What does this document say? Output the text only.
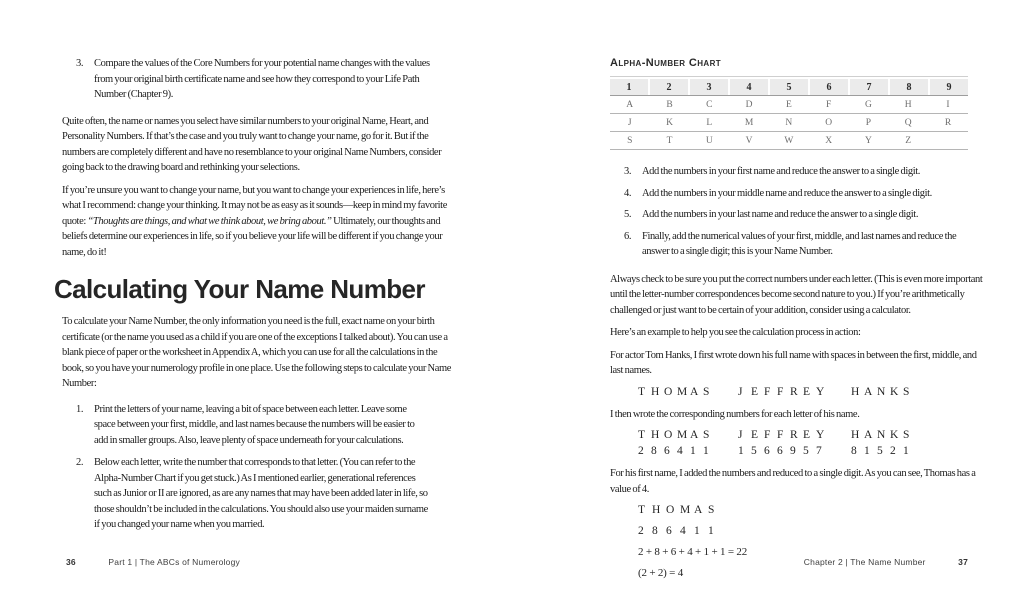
3.	Compare the values of the Core Numbers for your potential name changes with the values from your original birth certificate name and see how they correspond to your Life Path Number (Chapter 9).

Quite often, the name or names you select have similar numbers to your original Name, Heart, and Personality Numbers. If that’s the case and you truly want to change your name, go for it. But if the numbers are completely different and have no resemblance to your original Name Numbers, consider going back to the drawing board and rethinking your selections.

If you’re unsure you want to change your name, but you want to change your experiences in life, here’s what I recommend: change your thinking. It may not be as easy as it sounds—keep in mind my favorite quote: “Thoughts are things, and what we think about, we bring about.” Ultimately, our thoughts and beliefs determine our experiences in life, so if you believe your life will be different if you change your name, do it!

Calculating Your Name Number

To calculate your Name Number, the only information you need is the full, exact name on your birth certificate (or the name you used as a child if you are one of the exceptions I talked about). You can use a blank piece of paper or the worksheet in Appendix A, which you can use for all the calculations in the book, so you have your numerology profile in one place. Use the following steps to calculate your Name Number:

1.	Print the letters of your name, leaving a bit of space between each letter. Leave some space between your first, middle, and last names because the numbers will be easier to add in smaller groups. Also, leave plenty of space underneath for your calculations.
2.	Below each letter, write the number that corresponds to that letter. (You can refer to the Alpha-Number Chart if you get stuck.) As I mentioned earlier, generational references such as Junior or II are ignored, as are any names that may have been added later in life, so those shouldn’t be included in the calculations. You should also use your maiden surname if you changed your name when you married.
Alpha-Number Chart
1	2	3	4	5	6	7	8	9
A	B	C	D	E	F	G	H	I
J	K	L	M	N	O	P	Q	R
S	T	U	V	W	X	Y	Z
3.	Add the numbers in your first name and reduce the answer to a single digit.
4.	Add the numbers in your middle name and reduce the answer to a single digit.
5.	Add the numbers in your last name and reduce the answer to a single digit.
6.	Finally, add the numerical values of your first, middle, and last names and reduce the answer to a single digit; this is your Name Number.

Always check to be sure you put the correct numbers under each letter. (This is even more important until the letter-number correspondences become second nature to you.) If you’re arithmetically challenged or just want to be certain of your addition, consider using a calculator.

Here’s an example to help you see the calculation process in action:

For actor Tom Hanks, I first wrote down his full name with spaces in between the first, middle, and last names.

T H O M A S J E F F R E Y H A N K S

I then wrote the corresponding numbers for each letter of his name.

T H O M A S J E F F R E Y H A N K S
2 8 6 4 1 1	1 5 6 6 9 5 7	8 1 5 2 1

For his first name, I added the numbers and reduced to a single digit. As you can see, Thomas has a value of 4.

T H O M A S
2 8 6 4 1 1
2 + 8 + 6 + 4 + 1 + 1 = 22
(2 + 2) = 4
36	Part 1 | The ABCs of Numerology	Chapter 2 | The Name Number	37
